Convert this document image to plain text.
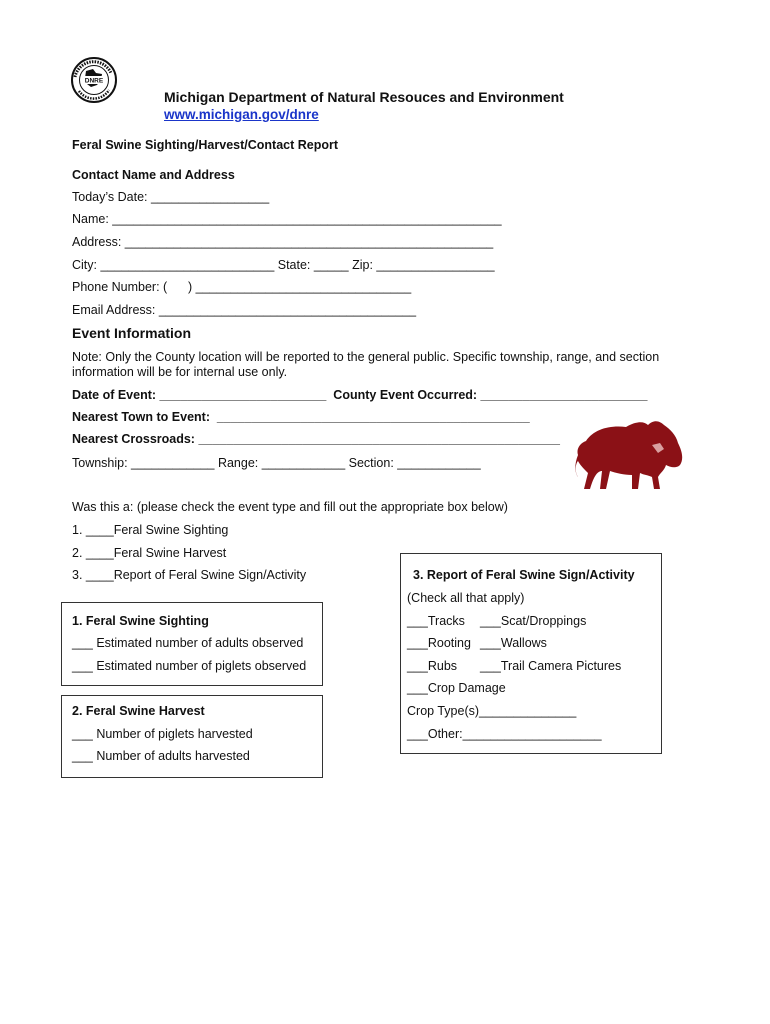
DNRE
Michigan Department of Natural Resouces and Environment
www.michigan.gov/dnre
Feral Swine Sighting/Harvest/Contact Report
Contact Name and Address
Today’s Date: _________________
Name: ________________________________________________________
Address: _____________________________________________________
City: _________________________ State: _____ Zip: _________________
Phone Number: (      ) _______________________________
Email Address: _____________________________________
Event Information
Note: Only the County location will be reported to the general public. Specific township, range, and section
information will be for internal use only.
Date of Event: ________________________  County Event Occurred: ________________________
Nearest Town to Event:  _____________________________________________
Nearest Crossroads: ____________________________________________________
Township: ____________ Range: ____________ Section: ____________
Was this a: (please check the event type and fill out the appropriate box below)
1. ____Feral Swine Sighting
2. ____Feral Swine Harvest
3. ____Report of Feral Swine Sign/Activity
1. Feral Swine Sighting
___ Estimated number of adults observed
___ Estimated number of piglets observed
2. Feral Swine Harvest
___ Number of piglets harvested
___ Number of adults harvested
3. Report of Feral Swine Sign/Activity
(Check all that apply)
___Tracks ___Scat/Droppings
___Rooting ___Wallows
___Rubs ___Trail Camera Pictures
___Crop Damage
Crop Type(s)______________
___Other:____________________
